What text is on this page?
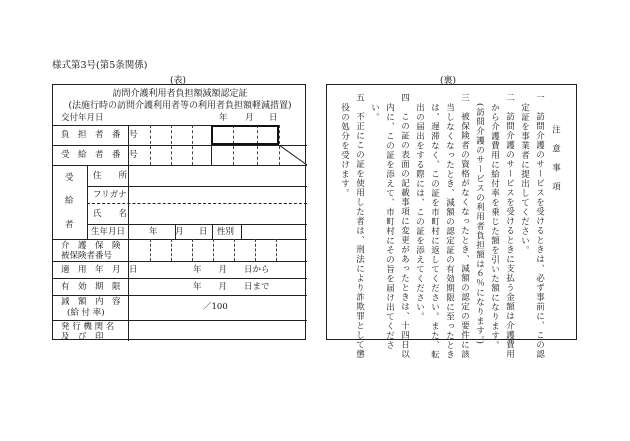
様式第3号(第5条関係)
(表)	(裏)
訪問介護利用者負担額減額認定証
(法施行時の訪問介護利用者等の利用者負担額軽減措置)
交付年月日	年 月 日
負　担　者　番　号
受　給　者　番　号
受
給
者
住　　所
フリガナ
氏　　名
生年月日	年 月 日 性別
介　護　保　険
被保険者番号
適　用　年　月　日	年　　月　　日から
有　効　期　限	年　　月　　日まで
減　額　内　容
(給 付 率)
／100
発 行 機 関 名
及　び　印
注　意　事　項
一　訪問介護のサービスを受けるときは、必ず事前に、この認
定証を事業者に提出してください。
二　訪問介護のサービスを受けるときに支払う金額は介護費用
から介護費用に給付率を乗じた額を引いた額になります。
(訪問介護のサービスの利用者負担額は６％になります。)
三　被保険者の資格がなくなったとき、減額の認定の要件に該
当しなくなったとき、減額の認定証の有効期限に至ったとき
は、遅滞なく、この証を市町村に返してください。また、転
出の届出をする際には、この証を添えてください。
四　この証の表面の記載事項に変更があったときは、十四日以
内に、この証を添えて、市町村にその旨を届け出てくださ
い。
五　不正にこの証を使用した者は、刑法により詐欺罪として懲
役の処分を受けます。
